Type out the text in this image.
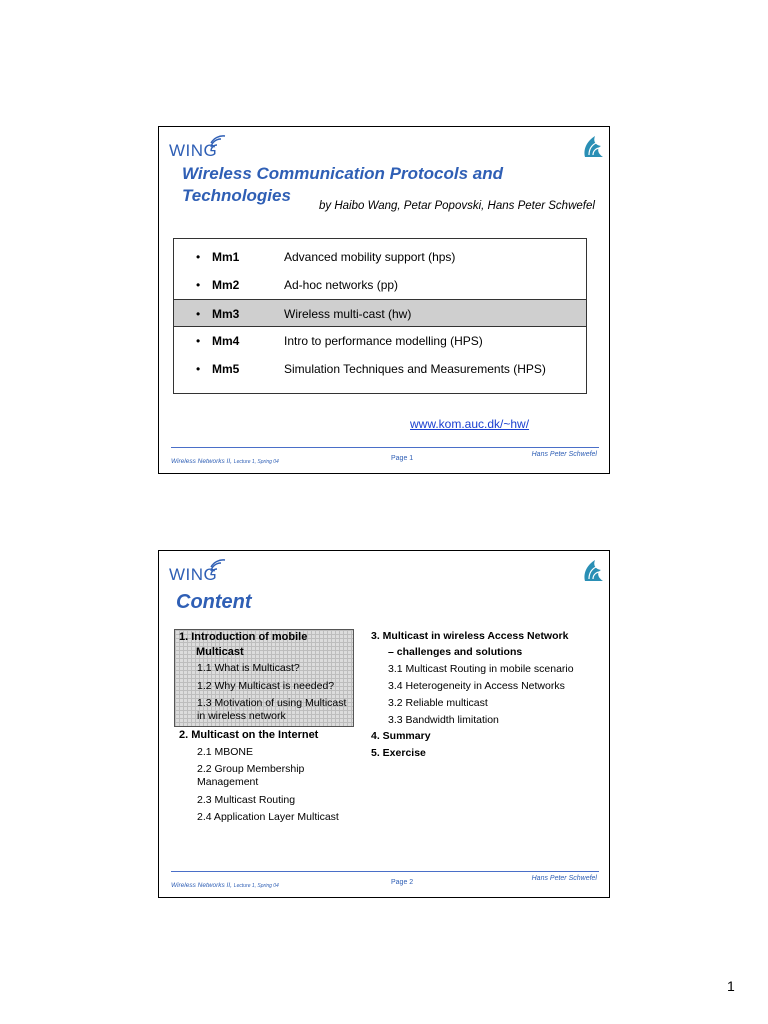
WING
Wireless Communication Protocols and Technologies
by Haibo Wang, Petar Popovski, Hans Peter Schwefel
• Mm1	Advanced mobility support (hps)
• Mm2	Ad-hoc networks (pp)
• Mm3	Wireless multi-cast (hw)
• Mm4	Intro to performance modelling (HPS)
• Mm5	Simulation Techniques and Measurements (HPS)
www.kom.auc.dk/~hw/
Wireless Networks II, Lecture 1, Spring 04	Page 1
Hans Peter Schwefel
WING
Content
1. Introduction of mobile
Multicast
1.1 What is Multicast?
1.2 Why Multicast is needed?
1.3 Motivation of using Multicast
in wireless network
2. Multicast on the Internet
2.1 MBONE
2.2 Group Membership
Management
2.3 Multicast Routing
2.4 Application Layer Multicast
3. Multicast in wireless Access Network
– challenges and solutions
3.1 Multicast Routing in mobile scenario
3.4 Heterogeneity in Access Networks
3.2 Reliable multicast
3.3 Bandwidth limitation
4. Summary
5. Exercise
Wireless Networks II, Lecture 1, Spring 04	Page 2
Hans Peter Schwefel
1
